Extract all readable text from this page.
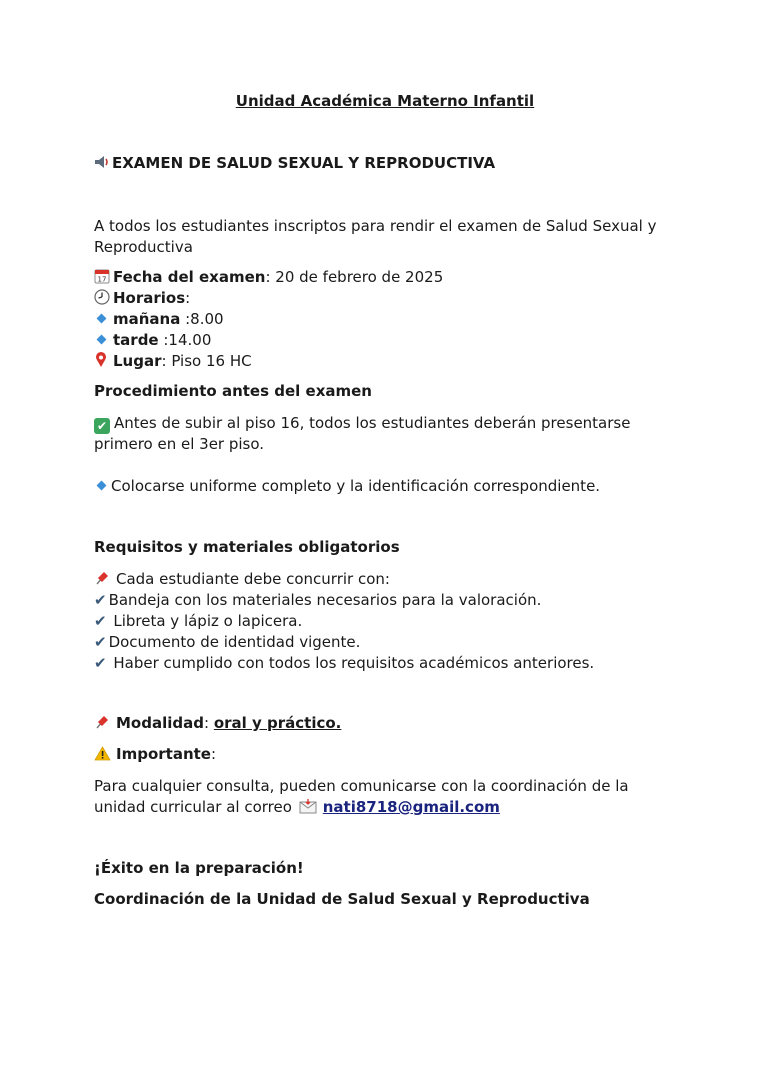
Unidad Académica Materno Infantil
EXAMEN DE SALUD SEXUAL Y REPRODUCTIVA
A todos los estudiantes inscriptos para rendir el examen de Salud Sexual y
Reproductiva
17 Fecha del examen: 20 de febrero de 2025
Horarios:
mañana :8.00
tarde :14.00
Lugar: Piso 16 HC
Procedimiento antes del examen
✔ Antes de subir al piso 16, todos los estudiantes deberán presentarse
primero en el 3er piso.
Colocarse uniforme completo y la identificación correspondiente.
Requisitos y materiales obligatorios
Cada estudiante debe concurrir con:
✔ Bandeja con los materiales necesarios para la valoración.
✔ Libreta y lápiz o lapicera.
✔ Documento de identidad vigente.
✔ Haber cumplido con todos los requisitos académicos anteriores.
Modalidad: oral y práctico.
Importante:
Para cualquier consulta, pueden comunicarse con la coordinación de la
unidad curricular al correo nati8718@gmail.com
¡Éxito en la preparación!
Coordinación de la Unidad de Salud Sexual y Reproductiva
